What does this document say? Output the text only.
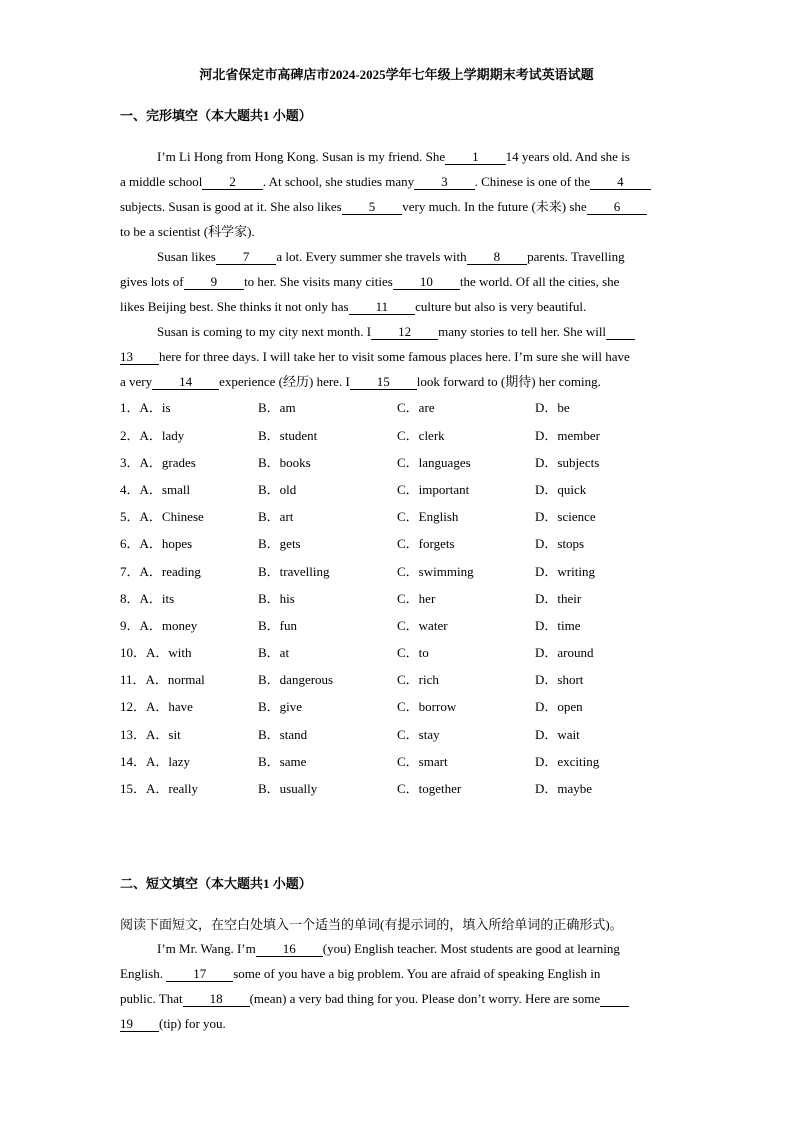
河北省保定市高碑店市2024-2025学年七年级上学期期末考试英语试题
一、完形填空（本大题共1 小题）
I’m Li Hong from Hong Kong. Susan is my friend. She 1 14 years old. And she is
a middle school 2 . At school, she studies many 3 . Chinese is one of the 4
subjects. Susan is good at it. She also likes 5 very much. In the future (未来) she 6
to be a scientist (科学家).
Susan likes 7 a lot. Every summer she travels with 8 parents. Travelling
gives lots of 9 to her. She visits many cities 10 the world. Of all the cities, she
likes Beijing best. She thinks it not only has 11 culture but also is very beautiful.
Susan is coming to my city next month. I 12 many stories to tell her. She will
13 here for three days. I will take her to visit some famous places here. I’m sure she will have
a very 14 experience (经历) here. I 15 look forward to (期待) her coming.
1．A．is	B．am	C．are	D．be
2．A．lady	B．student	C．clerk	D．member
3．A．grades	B．books	C．languages	D．subjects
4．A．small	B．old	C．important	D．quick
5．A．Chinese	B．art	C．English	D．science
6．A．hopes	B．gets	C．forgets	D．stops
7．A．reading	B．travelling	C．swimming	D．writing
8．A．its	B．his	C．her	D．their
9．A．money	B．fun	C．water	D．time
10．A．with	B．at	C．to	D．around
11．A．normal	B．dangerous	C．rich	D．short
12．A．have	B．give	C．borrow	D．open
13．A．sit	B．stand	C．stay	D．wait
14．A．lazy	B．same	C．smart	D．exciting
15．A．really	B．usually	C．together	D．maybe
二、短文填空（本大题共1 小题）
阅读下面短文，在空白处填入一个适当的单词(有提示词的，填入所给单词的正确形式)。
I’m Mr. Wang. I’m 16 (you) English teacher. Most students are good at learning
English. 17 some of you have a big problem. You are afraid of speaking English in
public. That 18 (mean) a very bad thing for you. Please don’t worry. Here are some
19 (tip) for you.
